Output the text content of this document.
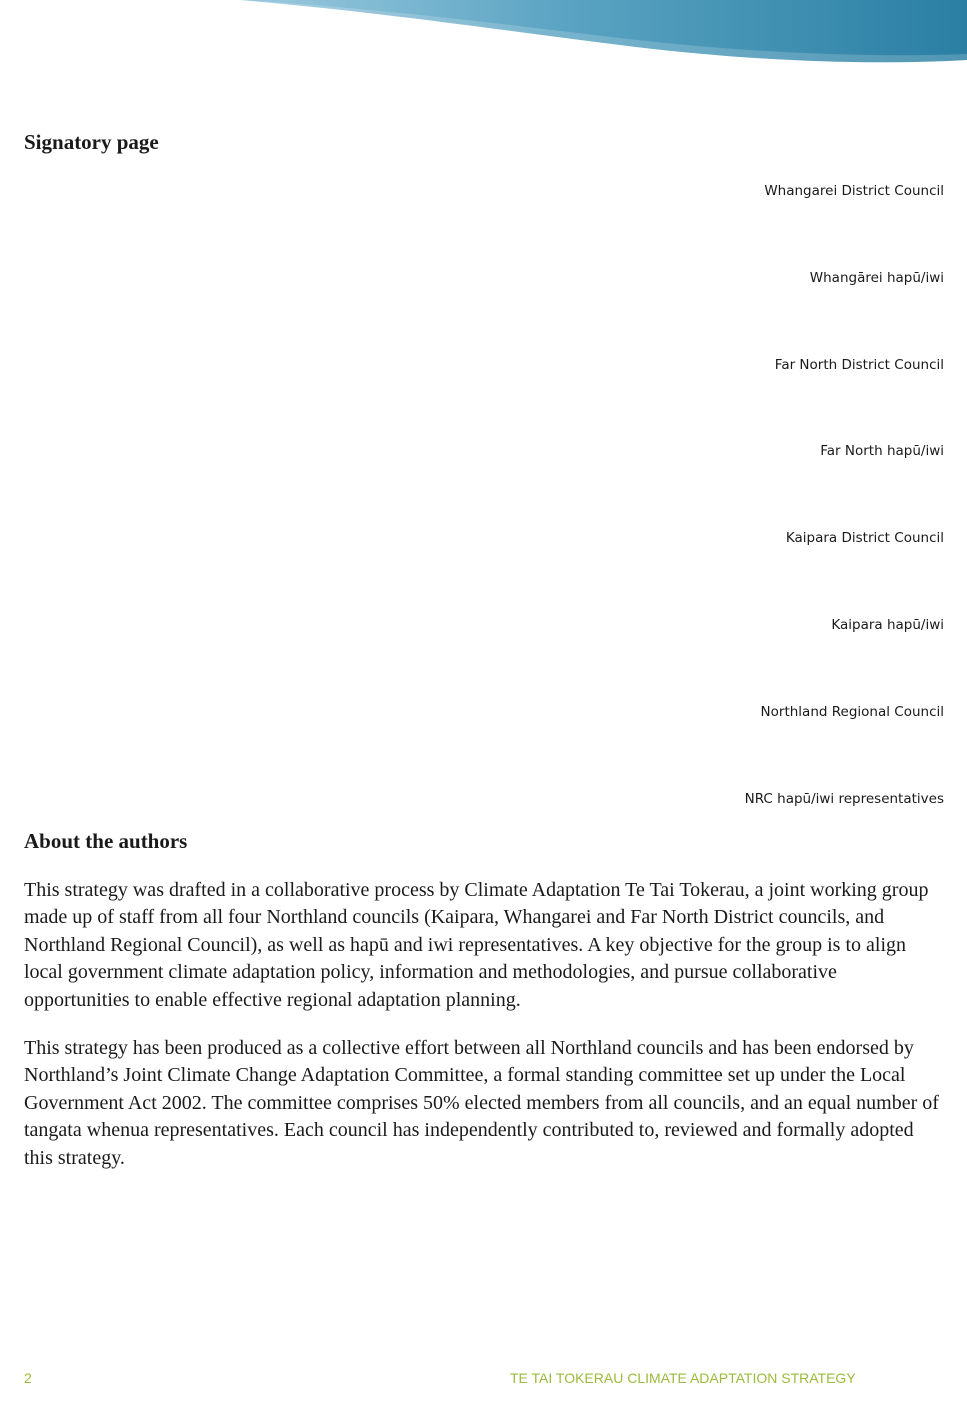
Signatory page
Whangarei District Council
Whangārei hapū/iwi
Far North District Council
Far North hapū/iwi
Kaipara District Council
Kaipara hapū/iwi
Northland Regional Council
NRC hapū/iwi representatives
About the authors

This strategy was drafted in a collaborative process by Climate Adaptation Te Tai Tokerau, a joint working group made up of staff from all four Northland councils (Kaipara, Whangarei and Far North District councils, and Northland Regional Council), as well as hapū and iwi representatives. A key objective for the group is to align local government climate adaptation policy, information and methodologies, and pursue collaborative opportunities to enable effective regional adaptation planning.

This strategy has been produced as a collective effort between all Northland councils and has been endorsed by Northland’s Joint Climate Change Adaptation Committee, a formal standing committee set up under the Local Government Act 2002. The committee comprises 50% elected members from all councils, and an equal number of tangata whenua representatives. Each council has independently contributed to, reviewed and formally adopted this strategy.

2	TE TAI TOKERAU CLIMATE ADAPTATION STRATEGY
